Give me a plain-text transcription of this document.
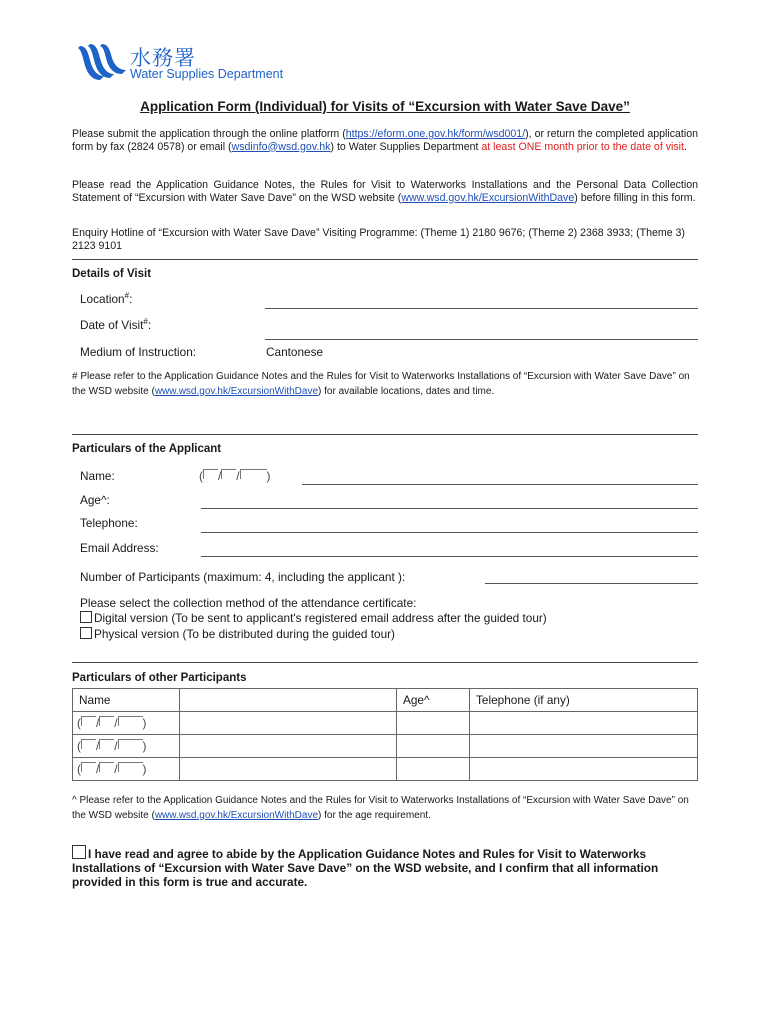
水務署
Water Supplies Department
Application Form (Individual) for Visits of “Excursion with Water Save Dave”
Please submit the application through the online platform (https://eform.one.gov.hk/form/wsd001/), or return the completed application form by fax (2824 0578) or email (wsdinfo@wsd.gov.hk) to Water Supplies Department at least ONE month prior to the date of visit.
Please read the Application Guidance Notes, the Rules for Visit to Waterworks Installations and the Personal Data Collection Statement of “Excursion with Water Save Dave” on the WSD website (www.wsd.gov.hk/ExcursionWithDave) before filling in this form.
Enquiry Hotline of “Excursion with Water Save Dave” Visiting Programme: (Theme 1) 2180 9676; (Theme 2) 2368 3933; (Theme 3) 2123 9101
Details of Visit
Location#:
Date of Visit#:
Medium of Instruction:	Cantonese
# Please refer to the Application Guidance Notes and the Rules for Visit to Waterworks Installations of “Excursion with Water Save Dave” on the WSD website (www.wsd.gov.hk/ExcursionWithDave) for available locations, dates and time.
Particulars of the Applicant
Name:	( / / )
Age^:
Telephone:
Email Address:
Number of Participants (maximum: 4, including the applicant ):
Please select the collection method of the attendance certificate:
Digital version (To be sent to applicant's registered email address after the guided tour)
Physical version (To be distributed during the guided tour)
Particulars of other Participants
Name		Age^	Telephone (if any)
( / / )			
( / / )			
( / / )			
^ Please refer to the Application Guidance Notes and the Rules for Visit to Waterworks Installations of “Excursion with Water Save Dave” on the WSD website (www.wsd.gov.hk/ExcursionWithDave) for the age requirement.
I have read and agree to abide by the Application Guidance Notes and Rules for Visit to Waterworks Installations of “Excursion with Water Save Dave” on the WSD website, and I confirm that all information provided in this form is true and accurate.
